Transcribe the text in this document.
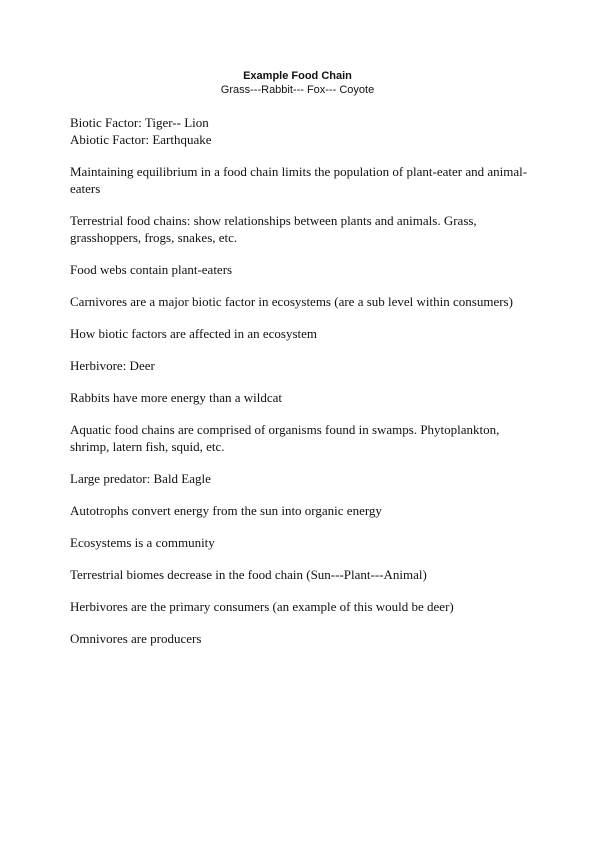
Example Food Chain
Grass---Rabbit--- Fox--- Coyote
Biotic Factor: Tiger-- Lion
Abiotic Factor: Earthquake

Maintaining equilibrium in a food chain limits the population of plant-eater and animal-eaters

Terrestrial food chains: show relationships between plants and animals. Grass, grasshoppers, frogs, snakes, etc.

Food webs contain plant-eaters

Carnivores are a major biotic factor in ecosystems (are a sub level within consumers)

How biotic factors are affected in an ecosystem

Herbivore: Deer

Rabbits have more energy than a wildcat

Aquatic food chains are comprised of organisms found in swamps. Phytoplankton, shrimp, latern fish, squid, etc.

Large predator: Bald Eagle

Autotrophs convert energy from the sun into organic energy

Ecosystems is a community

Terrestrial biomes decrease in the food chain (Sun---Plant---Animal)

Herbivores are the primary consumers (an example of this would be deer)

Omnivores are producers
